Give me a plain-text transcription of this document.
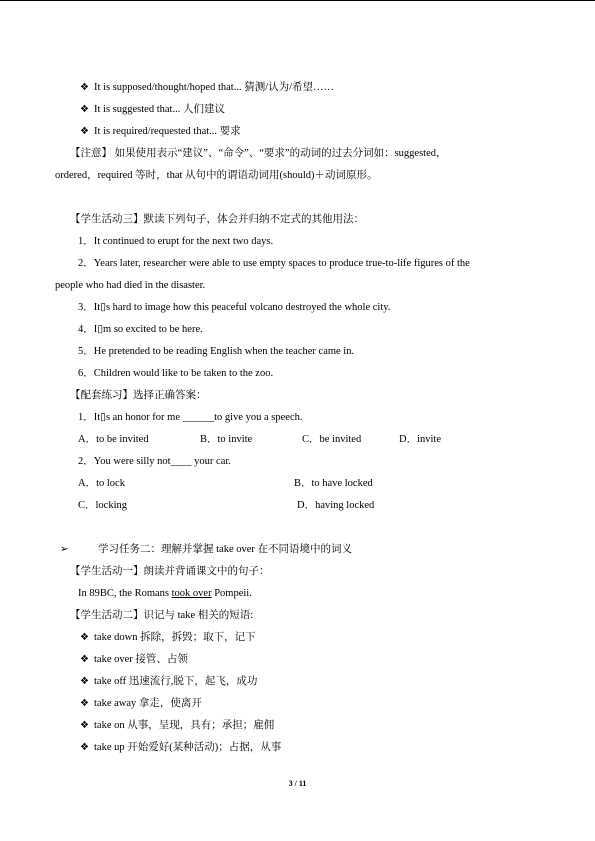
❖ It is supposed/thought/hoped that... 猜测/认为/希望……
❖ It is suggested that... 人们建议
❖ It is required/requested that... 要求
【注意】 如果使用表示“建议”、“命令”、“要求”的动词的过去分词如：suggested，
ordered，required 等时，that 从句中的谓语动词用(should)＋动词原形。
【学生活动三】默读下列句子，体会并归纳不定式的其他用法：
1．It continued to erupt for the next two days.
2．Years later, researcher were able to use empty spaces to produce true-to-life figures of the
people who had died in the disaster.
3．It▯s hard to image how this peaceful volcano destroyed the whole city.
4．I▯m so excited to be here.
5．He pretended to be reading English when the teacher came in.
6．Children would like to be taken to the zoo.
【配套练习】选择正确答案：
1．It▯s an honor for me ______to give you a speech.
A．to be invited	B．to invite	C．be invited	D．invite
2．You were silly not____ your car.
A．to lock	B．to have locked
C．locking	D．having locked
➢	学习任务二：理解并掌握 take over 在不同语境中的词义
【学生活动一】朗读并背诵课文中的句子：
In 89BC, the Romans took over Pompeii.
【学生活动二】识记与 take 相关的短语:
❖ take down 拆除，拆毁；取下，记下
❖ take over 接管、占领
❖ take off 迅速流行,脱下，起飞，成功
❖ take away 拿走，使离开
❖ take on 从事，呈现，具有；承担；雇佣
❖ take up 开始爱好(某种活动)；占据，从事
3 / 11
